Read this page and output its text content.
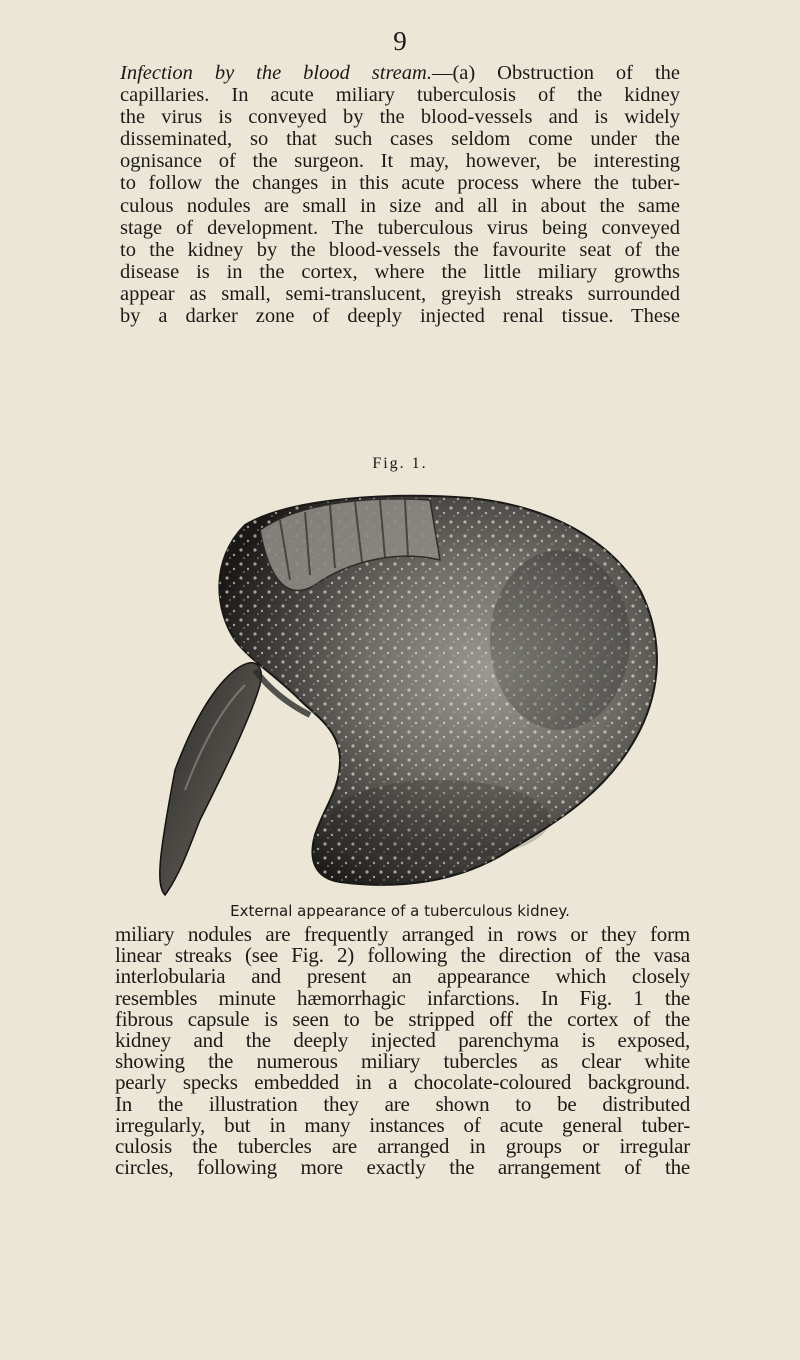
9

Infection by the blood stream.—(a) Obstruction of the
capillaries. In acute miliary tuberculosis of the kidney
the virus is conveyed by the blood-vessels and is widely
disseminated, so that such cases seldom come under the
ognisance of the surgeon. It may, however, be interesting
to follow the changes in this acute process where the tuber-
culous nodules are small in size and all in about the same
stage of development. The tuberculous virus being conveyed
to the kidney by the blood-vessels the favourite seat of the
disease is in the cortex, where the little miliary growths
appear as small, semi-translucent, greyish streaks surrounded
by a darker zone of deeply injected renal tissue. These

Fig. 1.
External appearance of a tuberculous kidney.

miliary nodules are frequently arranged in rows or they form
linear streaks (see Fig. 2) following the direction of the vasa
interlobularia and present an appearance which closely
resembles minute hæmorrhagic infarctions. In Fig. 1 the
fibrous capsule is seen to be stripped off the cortex of the
kidney and the deeply injected parenchyma is exposed,
showing the numerous miliary tubercles as clear white
pearly specks embedded in a chocolate-coloured background.
In the illustration they are shown to be distributed
irregularly, but in many instances of acute general tuber-
culosis the tubercles are arranged in groups or irregular
circles, following more exactly the arrangement of the
